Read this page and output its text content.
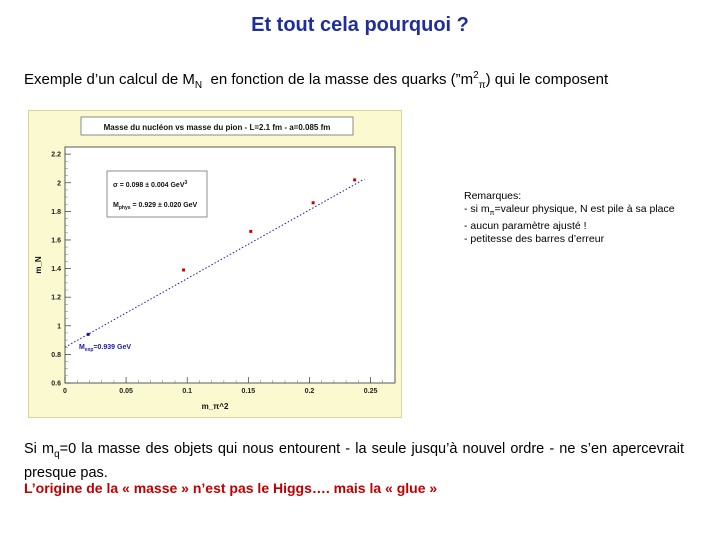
Et tout cela pourquoi ?
Exemple d’un calcul de $M_N$  en fonction de la masse des quarks $(”m^2_\pi)$ qui le composent
Masse du nucléon vs masse du pion - L=2.1 fm - a=0.085 fm
0	0.05	0.1	0.15	0.2	0.25
0.6
0.8
1
1.2
1.4
1.6
1.8
2
2.2
σ = 0.098 ± 0.004 GeV$^3$
$M_{phys} = 0.929 \pm 0.020$ GeV
$M_{exp}=0.939$ GeV
m_π^2
m_N
Remarques:
- si $m_\pi=valeur$ physique, N est pile à sa place
- aucun paramètre ajusté !
- petitesse des barres d’erreur
Si $m_q=0$ la masse des objets qui nous entourent - la seule jusqu’à nouvel ordre - ne s’en apercevrait presque pas.
L’origine de la « masse » n’est pas le Higgs…. mais la « glue »
